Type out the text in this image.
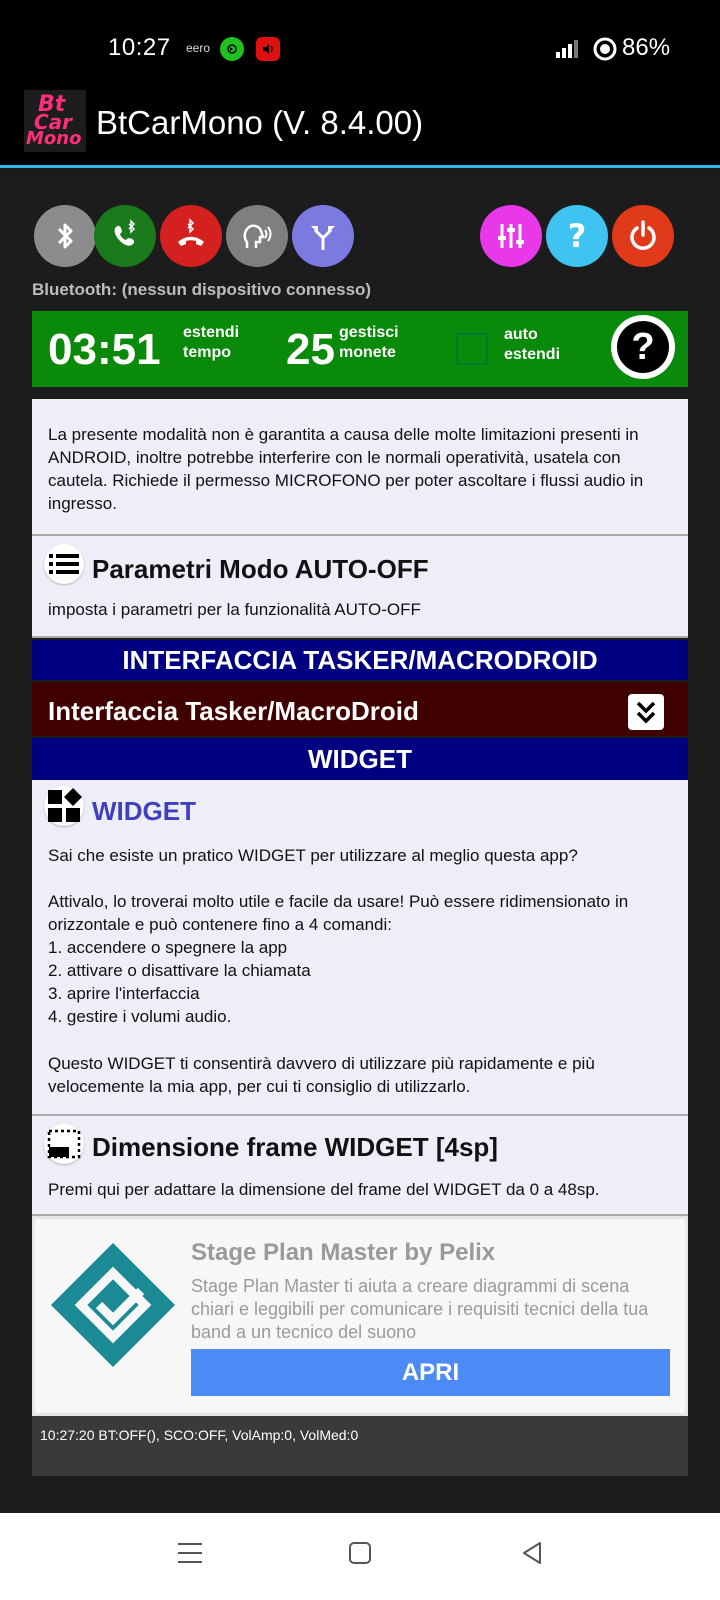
10:27 eero	86%
Bt
Car
Mono BtCarMono (V. 8.4.00)
?
Bluetooth: (nessun dispositivo connesso)
03:51 estendi
tempo 25 gestisci
monete
auto
estendi	?
La presente modalità non è garantita a causa delle molte limitazioni presenti in ANDROID, inoltre potrebbe interferire con le normali operatività, usatela con cautela. Richiede il permesso MICROFONO per poter ascoltare i flussi audio in ingresso.
Parametri Modo AUTO-OFF
imposta i parametri per la funzionalità AUTO-OFF
INTERFACCIA TASKER/MACRODROID
Interfaccia Tasker/MacroDroid
WIDGET
WIDGET
Sai che esiste un pratico WIDGET per utilizzare al meglio questa app?
Attivalo, lo troverai molto utile e facile da usare! Può essere ridimensionato in orizzontale e può contenere fino a 4 comandi:
1. accendere o spegnere la app
2. attivare o disattivare la chiamata
3. aprire l'interfaccia
4. gestire i volumi audio.
Questo WIDGET ti consentirà davvero di utilizzare più rapidamente e più velocemente la mia app, per cui ti consiglio di utilizzarlo.
Dimensione frame WIDGET [4sp]
Premi qui per adattare la dimensione del frame del WIDGET da 0 a 48sp.
Stage Plan Master by Pelix
Stage Plan Master ti aiuta a creare diagrammi di scena chiari e leggibili per comunicare i requisiti tecnici della tua band a un tecnico del suono
APRI
10:27:20 BT:OFF(), SCO:OFF, VolAmp:0, VolMed:0
